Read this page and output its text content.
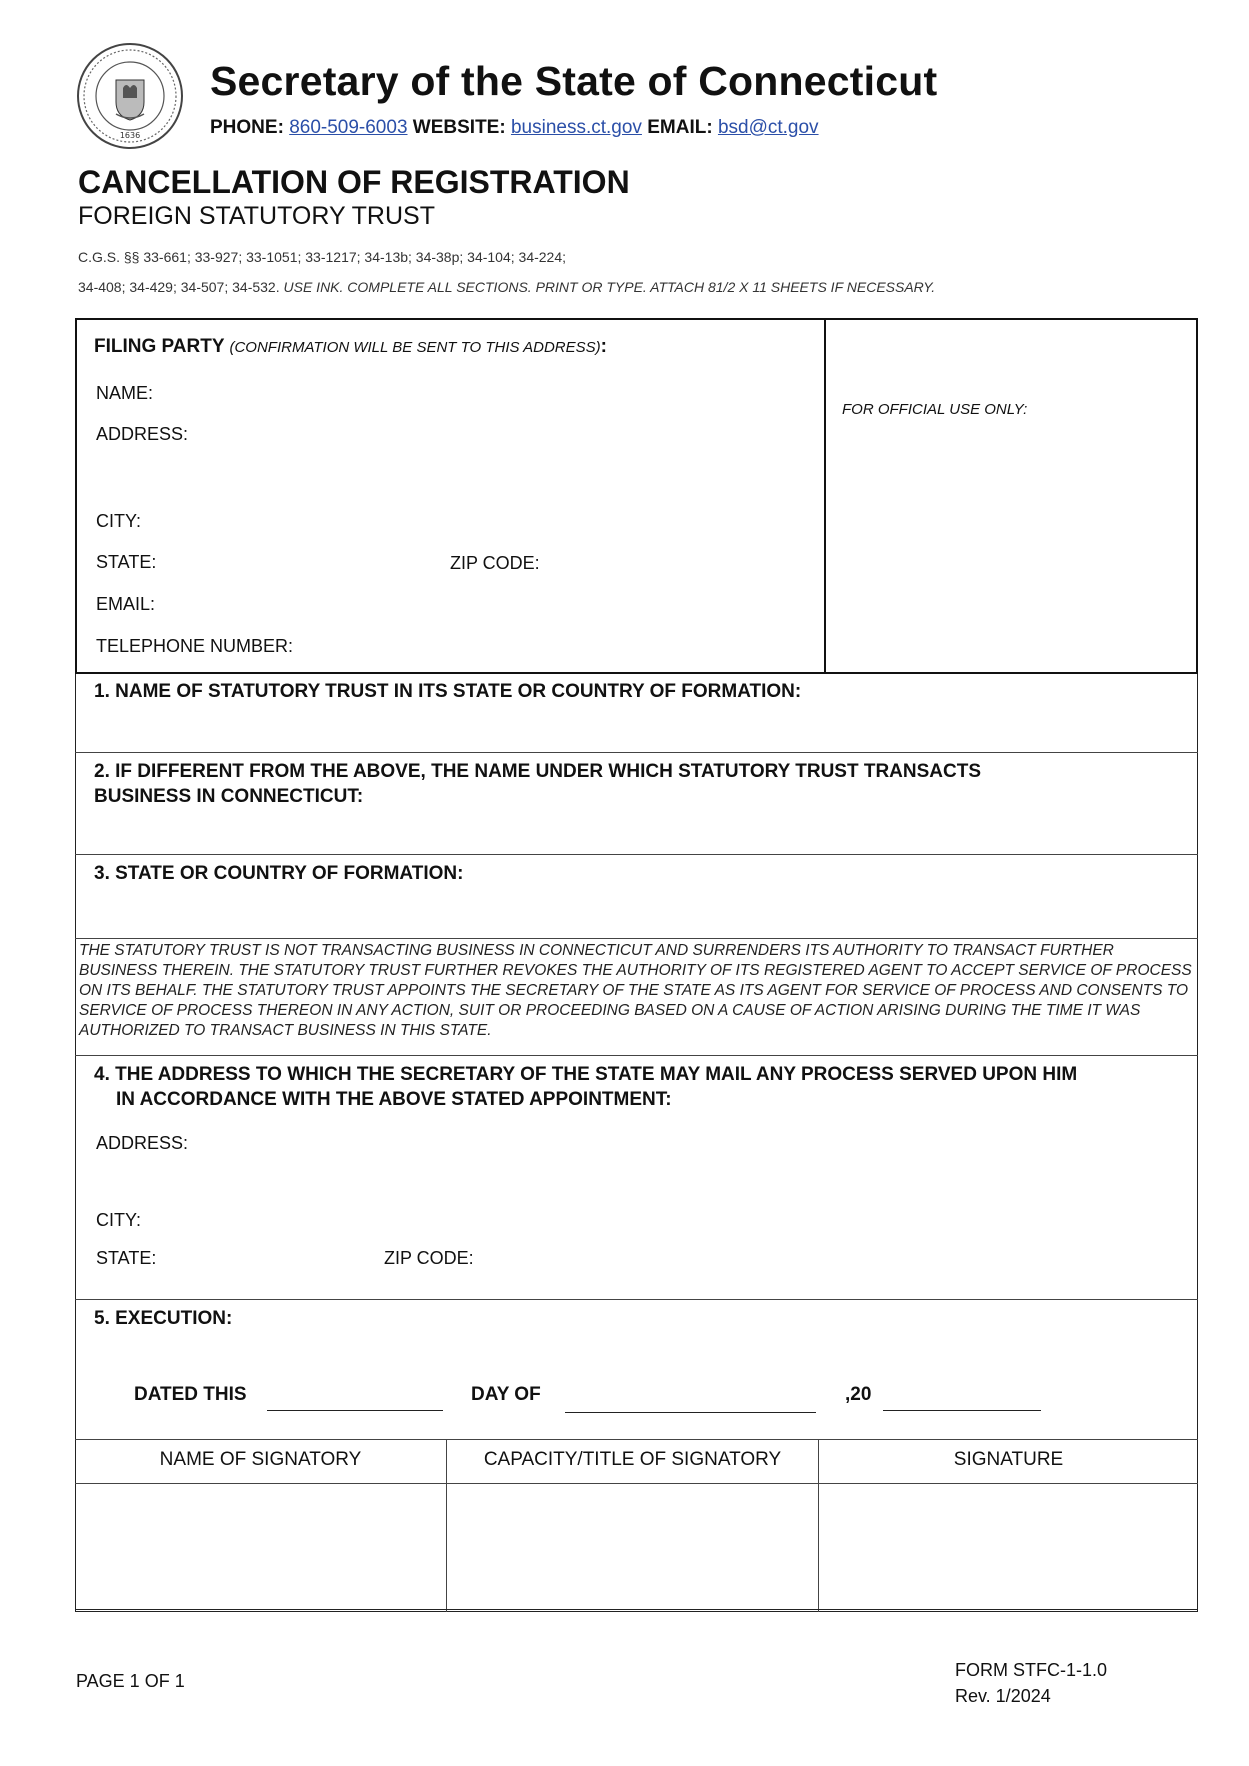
1636
Secretary of the State of Connecticut
PHONE: 860-509-6003 WEBSITE: business.ct.gov EMAIL: bsd@ct.gov
CANCELLATION OF REGISTRATION
FOREIGN STATUTORY TRUST
C.G.S. §§ 33-661; 33-927; 33-1051; 33-1217; 34-13b; 34-38p; 34-104; 34-224;
34-408; 34-429; 34-507; 34-532. USE INK. COMPLETE ALL SECTIONS. PRINT OR TYPE. ATTACH 81/2 X 11 SHEETS IF NECESSARY.
FILING PARTY (CONFIRMATION WILL BE SENT TO THIS ADDRESS):
NAME:
ADDRESS:
CITY:
STATE:	ZIP CODE:
EMAIL:
TELEPHONE NUMBER:
FOR OFFICIAL USE ONLY:
1. NAME OF STATUTORY TRUST IN ITS STATE OR COUNTRY OF FORMATION:
2. IF DIFFERENT FROM THE ABOVE, THE NAME UNDER WHICH STATUTORY TRUST TRANSACTS
BUSINESS IN CONNECTICUT:
3. STATE OR COUNTRY OF FORMATION:
THE STATUTORY TRUST IS NOT TRANSACTING BUSINESS IN CONNECTICUT AND SURRENDERS ITS AUTHORITY TO TRANSACT FURTHER BUSINESS THEREIN. THE STATUTORY TRUST FURTHER REVOKES THE AUTHORITY OF ITS REGISTERED AGENT TO ACCEPT SERVICE OF PROCESS ON ITS BEHALF. THE STATUTORY TRUST APPOINTS THE SECRETARY OF THE STATE AS ITS AGENT FOR SERVICE OF PROCESS AND CONSENTS TO SERVICE OF PROCESS THEREON IN ANY ACTION, SUIT OR PROCEEDING BASED ON A CAUSE OF ACTION ARISING DURING THE TIME IT WAS AUTHORIZED TO TRANSACT BUSINESS IN THIS STATE.
4. THE ADDRESS TO WHICH THE SECRETARY OF THE STATE MAY MAIL ANY PROCESS SERVED UPON HIM
IN ACCORDANCE WITH THE ABOVE STATED APPOINTMENT:
ADDRESS:
CITY:
STATE:	ZIP CODE:
5. EXECUTION:
DATED THIS	DAY OF	,20
NAME OF SIGNATORY	CAPACITY/TITLE OF SIGNATORY	SIGNATURE
PAGE 1 OF 1
FORM STFC-1-1.0
Rev. 1/2024
